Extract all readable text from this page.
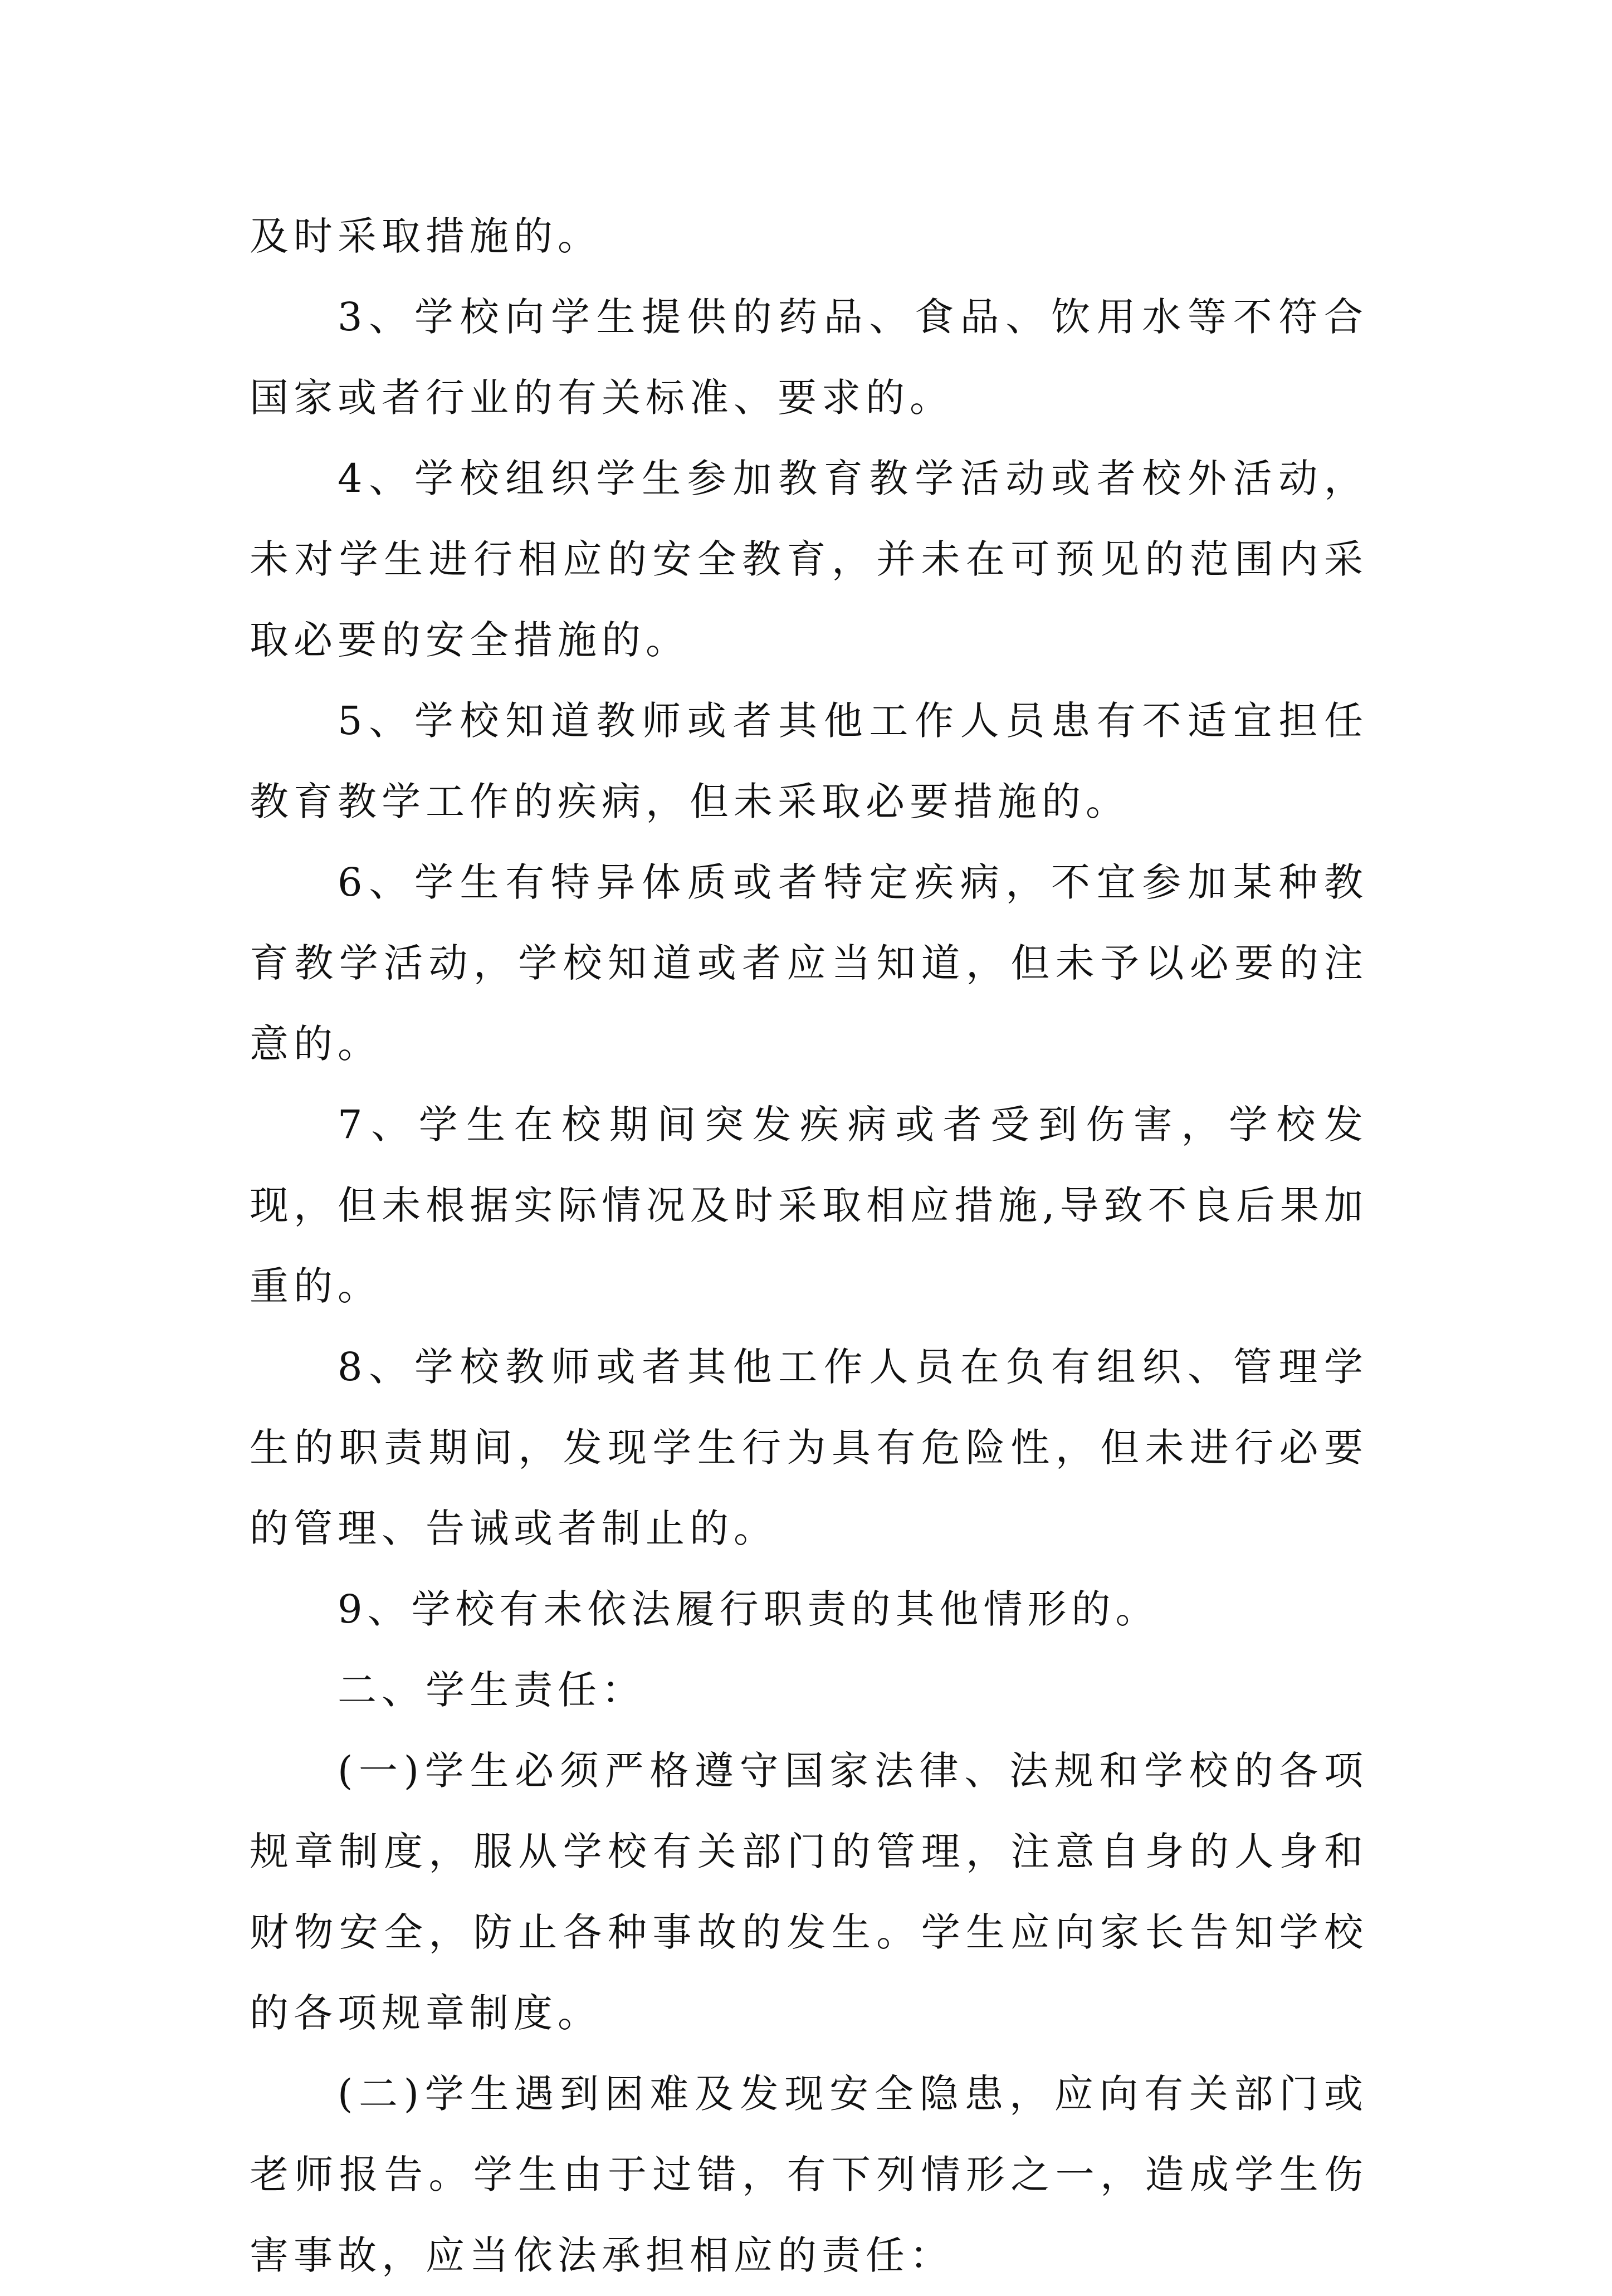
及时采取措施的。

3、学校向学生提供的药品、食品、饮用水等不符合国家或者行业的有关标准、要求的。

4、学校组织学生参加教育教学活动或者校外活动，未对学生进行相应的安全教育，并未在可预见的范围内采取必要的安全措施的。

5、学校知道教师或者其他工作人员患有不适宜担任教育教学工作的疾病，但未采取必要措施的。

6、学生有特异体质或者特定疾病，不宜参加某种教育教学活动，学校知道或者应当知道，但未予以必要的注意的。

7、学生在校期间突发疾病或者受到伤害，学校发现，但未根据实际情况及时采取相应措施,导致不良后果加重的。

8、学校教师或者其他工作人员在负有组织、管理学生的职责期间，发现学生行为具有危险性，但未进行必要的管理、告诫或者制止的。

9、学校有未依法履行职责的其他情形的。

二、学生责任：

(一)学生必须严格遵守国家法律、法规和学校的各项规章制度，服从学校有关部门的管理，注意自身的人身和财物安全，防止各种事故的发生。学生应向家长告知学校的各项规章制度。

(二)学生遇到困难及发现安全隐患，应向有关部门或老师报告。学生由于过错，有下列情形之一，造成学生伤害事故，应当依法承担相应的责任：
